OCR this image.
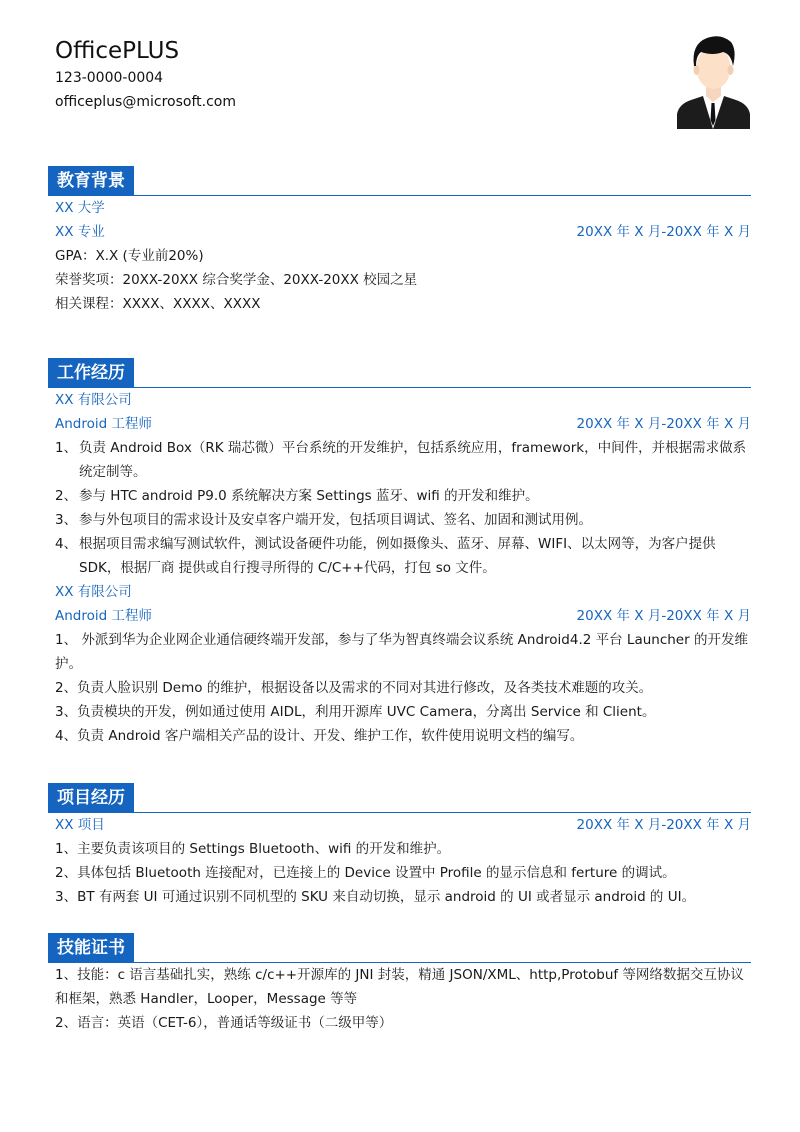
OfficePLUS
123-0000-0004
officeplus@microsoft.com
教育背景
XX 大学
XX 专业	20XX 年 X 月-20XX 年 X 月
GPA：X.X (专业前20%)
荣誉奖项：20XX-20XX 综合奖学金、20XX-20XX 校园之星
相关课程：XXXX、XXXX、XXXX
工作经历
XX 有限公司
Android 工程师	20XX 年 X 月-20XX 年 X 月
1、 负责 Android Box（RK 瑞芯微）平台系统的开发维护，包括系统应用，framework，中间件，并根据需求做系统定制等。
2、 参与 HTC android P9.0 系统解决方案 Settings 蓝牙、wifi 的开发和维护。
3、 参与外包项目的需求设计及安卓客户端开发，包括项目调试、签名、加固和测试用例。
4、 根据项目需求编写测试软件，测试设备硬件功能，例如摄像头、蓝牙、屏幕、WIFI、以太网等，为客户提供 SDK，根据厂商 提供或自行搜寻所得的 C/C++代码，打包 so 文件。
XX 有限公司
Android 工程师	20XX 年 X 月-20XX 年 X 月
1、 外派到华为企业网企业通信硬终端开发部，参与了华为智真终端会议系统 Android4.2 平台 Launcher 的开发维护。
2、负责人脸识别 Demo 的维护，根据设备以及需求的不同对其进行修改，及各类技术难题的攻关。
3、负责模块的开发，例如通过使用 AIDL，利用开源库 UVC Camera，分离出 Service 和 Client。
4、负责 Android 客户端相关产品的设计、开发、维护工作，软件使用说明文档的编写。
项目经历
XX 项目	20XX 年 X 月-20XX 年 X 月
1、主要负责该项目的 Settings Bluetooth、wifi 的开发和维护。
2、具体包括 Bluetooth 连接配对，已连接上的 Device 设置中 Profile 的显示信息和 ferture 的调试。
3、BT 有两套 UI 可通过识别不同机型的 SKU 来自动切换，显示 android 的 UI 或者显示 android 的 UI。
技能证书
1、技能：c 语言基础扎实，熟练 c/c++开源库的 JNI 封装，精通 JSON/XML、http,Protobuf 等网络数据交互协议和框架，熟悉 Handler，Looper，Message 等等
2、语言：英语（CET-6），普通话等级证书（二级甲等）
